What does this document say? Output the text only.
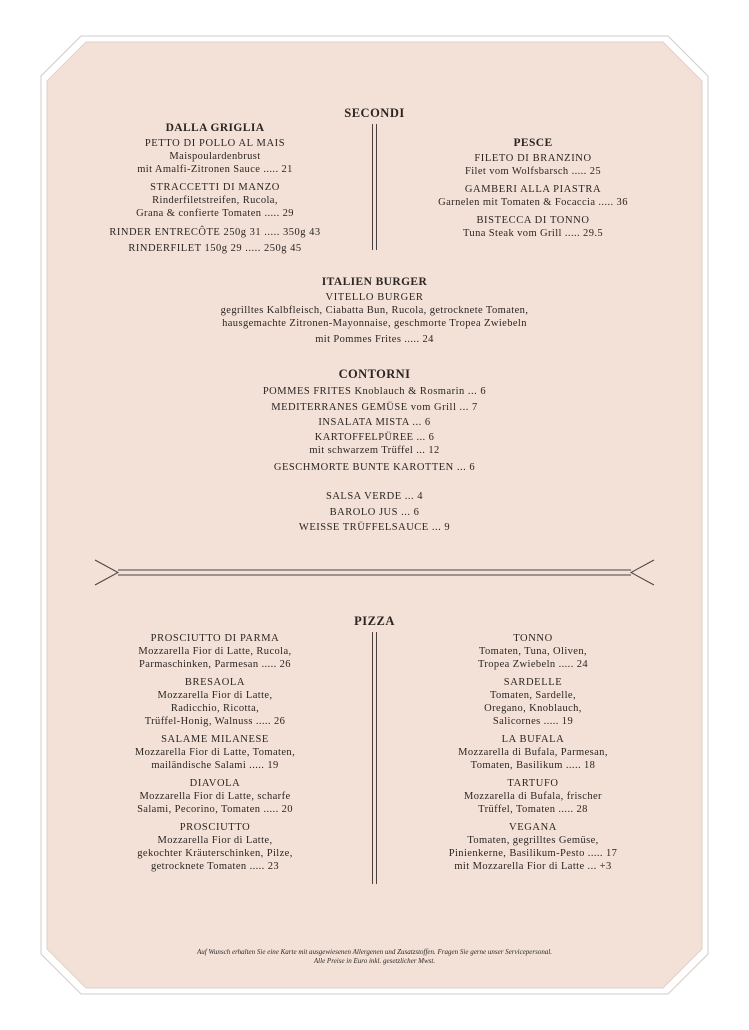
SECONDI
DALLA GRIGLIA
PETTO DI POLLO AL MAIS
Maispoulardenbrust
mit Amalfi-Zitronen Sauce ..... 21
STRACCETTI DI MANZO
Rinderfiletstreifen, Rucola,
Grana & confierte Tomaten ..... 29
RINDER ENTRECÔTE 250g 31 ..... 350g 43
RINDERFILET 150g 29 ..... 250g 45
PESCE
FILETO DI BRANZINO
Filet vom Wolfsbarsch ..... 25
GAMBERI ALLA PIASTRA
Garnelen mit Tomaten & Focaccia ..... 36
BISTECCA DI TONNO
Tuna Steak vom Grill ..... 29.5
ITALIEN BURGER
VITELLO BURGER
gegrilltes Kalbfleisch, Ciabatta Bun, Rucola, getrocknete Tomaten,
hausgemachte Zitronen-Mayonnaise, geschmorte Tropea Zwiebeln
mit Pommes Frites ..... 24
CONTORNI
POMMES FRITES Knoblauch & Rosmarin ... 6
MEDITERRANES GEMÜSE vom Grill ... 7
INSALATA MISTA ... 6
KARTOFFELPÜREE ... 6
mit schwarzem Trüffel ... 12
GESCHMORTE BUNTE KAROTTEN ... 6
SALSA VERDE ... 4
BAROLO JUS ... 6
WEISSE TRÜFFELSAUCE ... 9
PIZZA
PROSCIUTTO DI PARMA
Mozzarella Fior di Latte, Rucola,
Parmaschinken, Parmesan ..... 26
BRESAOLA
Mozzarella Fior di Latte,
Radicchio, Ricotta,
Trüffel-Honig, Walnuss ..... 26
SALAME MILANESE
Mozzarella Fior di Latte, Tomaten,
mailändische Salami ..... 19
DIAVOLA
Mozzarella Fior di Latte, scharfe
Salami, Pecorino, Tomaten ..... 20
PROSCIUTTO
Mozzarella Fior di Latte,
gekochter Kräuterschinken, Pilze,
getrocknete Tomaten ..... 23
TONNO
Tomaten, Tuna, Oliven,
Tropea Zwiebeln ..... 24
SARDELLE
Tomaten, Sardelle,
Oregano, Knoblauch,
Salicornes ..... 19
LA BUFALA
Mozzarella di Bufala, Parmesan,
Tomaten, Basilikum ..... 18
TARTUFO
Mozzarella di Bufala, frischer
Trüffel, Tomaten ..... 28
VEGANA
Tomaten, gegrilltes Gemüse,
Pinienkerne, Basilikum-Pesto ..... 17
mit Mozzarella Fior di Latte ... +3
Auf Wunsch erhalten Sie eine Karte mit ausgewiesenen Allergenen und Zusatzstoffen. Fragen Sie gerne unser Servicepersonal.
Alle Preise in Euro inkl. gesetzlicher Mwst.
